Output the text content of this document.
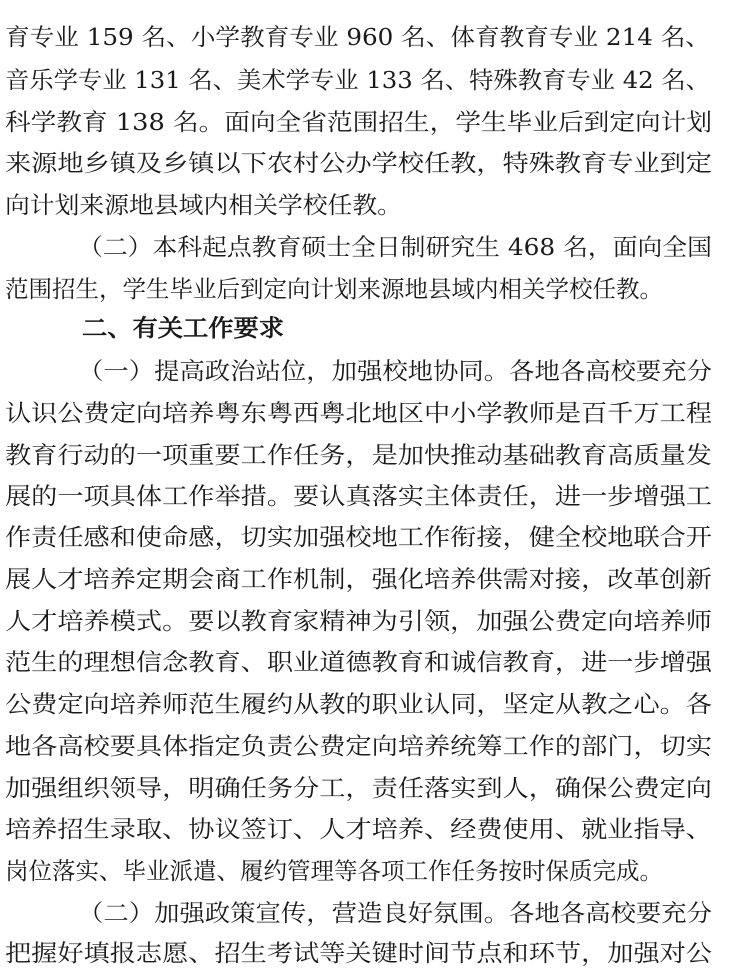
育专业 159 名、小学教育专业 960 名、体育教育专业 214 名、
音乐学专业 131 名、美术学专业 133 名、特殊教育专业 42 名、
科学教育 138 名。面向全省范围招生，学生毕业后到定向计划
来源地乡镇及乡镇以下农村公办学校任教，特殊教育专业到定
向计划来源地县域内相关学校任教。
（二）本科起点教育硕士全日制研究生 468 名，面向全国
范围招生，学生毕业后到定向计划来源地县域内相关学校任教。
二、有关工作要求
（一）提高政治站位，加强校地协同。各地各高校要充分
认识公费定向培养粤东粤西粤北地区中小学教师是百千万工程
教育行动的一项重要工作任务，是加快推动基础教育高质量发
展的一项具体工作举措。要认真落实主体责任，进一步增强工
作责任感和使命感，切实加强校地工作衔接，健全校地联合开
展人才培养定期会商工作机制，强化培养供需对接，改革创新
人才培养模式。要以教育家精神为引领，加强公费定向培养师
范生的理想信念教育、职业道德教育和诚信教育，进一步增强
公费定向培养师范生履约从教的职业认同，坚定从教之心。各
地各高校要具体指定负责公费定向培养统筹工作的部门，切实
加强组织领导，明确任务分工，责任落实到人，确保公费定向
培养招生录取、协议签订、人才培养、经费使用、就业指导、
岗位落实、毕业派遣、履约管理等各项工作任务按时保质完成。
（二）加强政策宣传，营造良好氛围。各地各高校要充分
把握好填报志愿、招生考试等关键时间节点和环节，加强对公
